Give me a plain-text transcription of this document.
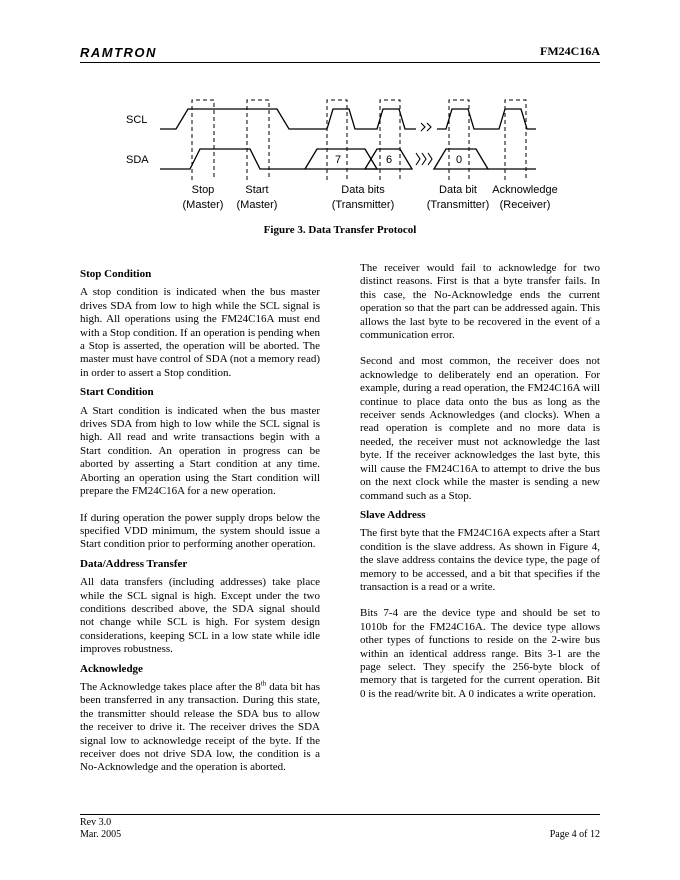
RAMTRON	FM24C16A
SCL
SDA	7	6	0
Stop
(Master)
Start
(Master)
Data bits
(Transmitter)
Data bit
(Transmitter)
Acknowledge
(Receiver)
Figure 3. Data Transfer Protocol
Stop Condition

A stop condition is indicated when the bus master drives SDA from low to high while the SCL signal is high. All operations using the FM24C16A must end with a Stop condition. If an operation is pending when a Stop is asserted, the operation will be aborted. The master must have control of SDA (not a memory read) in order to assert a Stop condition.

Start Condition

A Start condition is indicated when the bus master drives SDA from high to low while the SCL signal is high. All read and write transactions begin with a Start condition. An operation in progress can be aborted by asserting a Start condition at any time. Aborting an operation using the Start condition will prepare the FM24C16A for a new operation.

If during operation the power supply drops below the specified VDD minimum, the system should issue a Start condition prior to performing another operation.

Data/Address Transfer

All data transfers (including addresses) take place while the SCL signal is high. Except under the two conditions described above, the SDA signal should not change while SCL is high. For system design considerations, keeping SCL in a low state while idle improves robustness.

Acknowledge

The Acknowledge takes place after the 8th data bit has been transferred in any transaction. During this state, the transmitter should release the SDA bus to allow the receiver to drive it. The receiver drives the SDA signal low to acknowledge receipt of the byte. If the receiver does not drive SDA low, the condition is a No-Acknowledge and the operation is aborted.

The receiver would fail to acknowledge for two distinct reasons. First is that a byte transfer fails. In this case, the No-Acknowledge ends the current operation so that the part can be addressed again. This allows the last byte to be recovered in the event of a communication error.

Second and most common, the receiver does not acknowledge to deliberately end an operation. For example, during a read operation, the FM24C16A will continue to place data onto the bus as long as the receiver sends Acknowledges (and clocks). When a read operation is complete and no more data is needed, the receiver must not acknowledge the last byte. If the receiver acknowledges the last byte, this will cause the FM24C16A to attempt to drive the bus on the next clock while the master is sending a new command such as a Stop.

Slave Address

The first byte that the FM24C16A expects after a Start condition is the slave address. As shown in Figure 4, the slave address contains the device type, the page of memory to be accessed, and a bit that specifies if the transaction is a read or a write.

Bits 7-4 are the device type and should be set to 1010b for the FM24C16A. The device type allows other types of functions to reside on the 2-wire bus within an identical address range. Bits 3-1 are the page select. They specify the 256-byte block of memory that is targeted for the current operation. Bit 0 is the read/write bit. A 0 indicates a write operation.

Rev 3.0
Mar. 2005	Page 4 of 12
